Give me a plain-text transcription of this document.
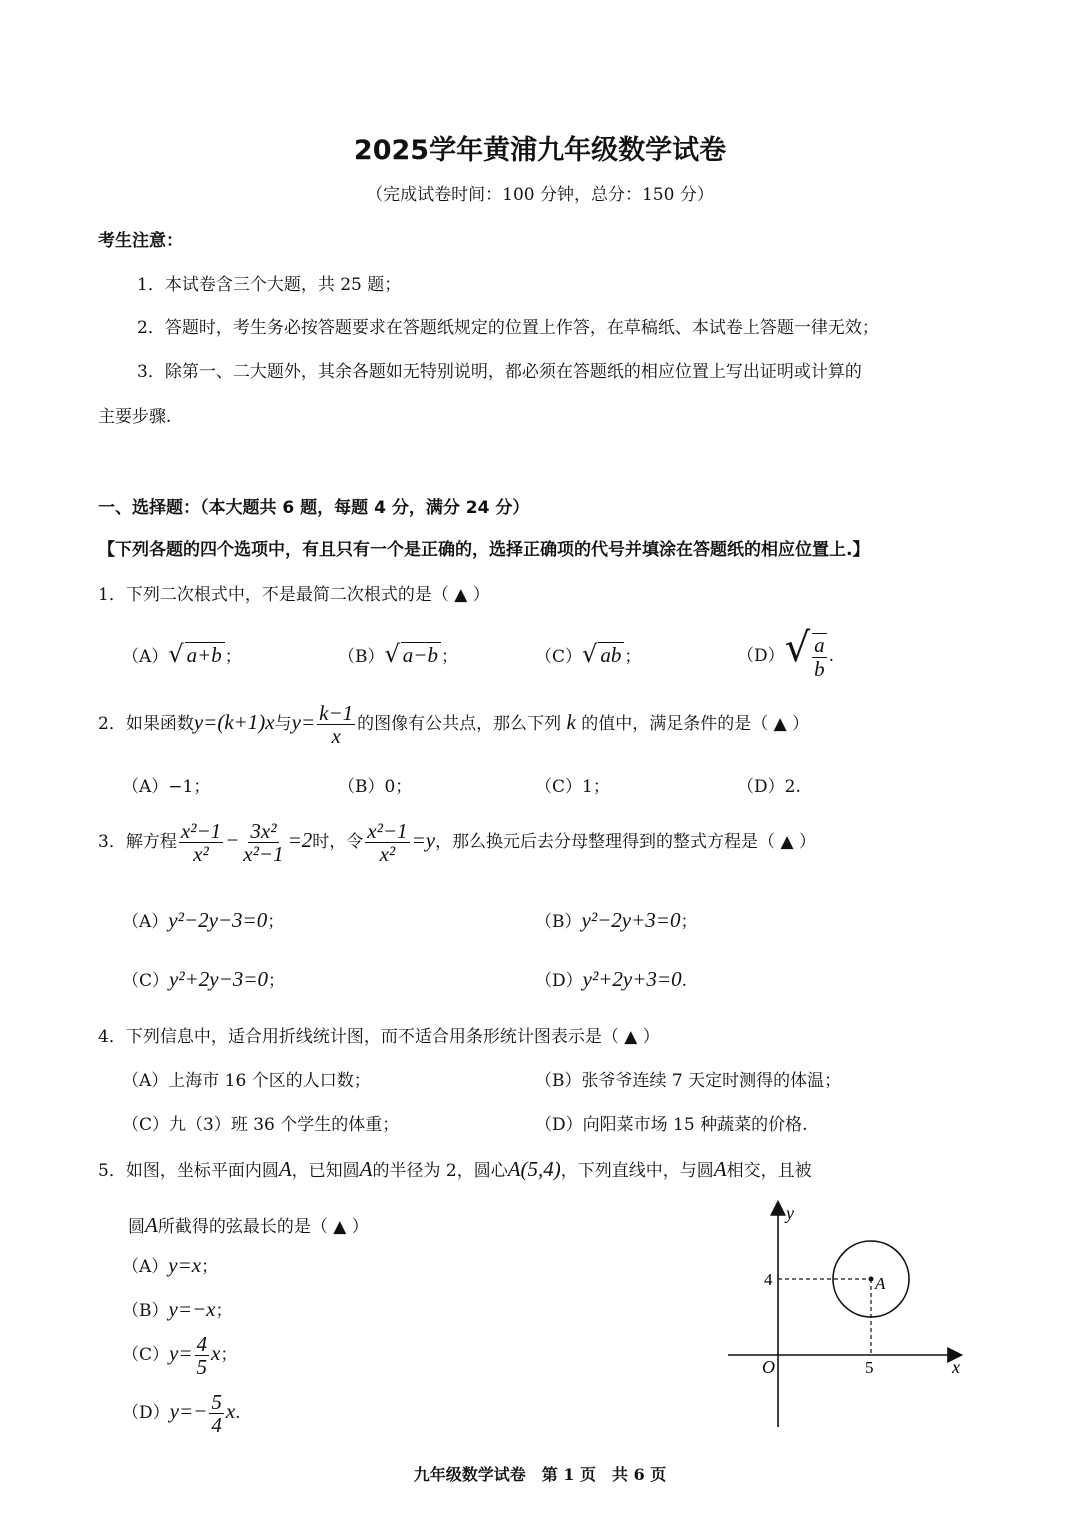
2025学年黄浦九年级数学试卷
（完成试卷时间：100 分钟，总分：150 分）
考生注意：
1．本试卷含三个大题，共 25 题；
2．答题时，考生务必按答题要求在答题纸规定的位置上作答，在草稿纸、本试卷上答题一律无效；
3．除第一、二大题外，其余各题如无特别说明，都必须在答题纸的相应位置上写出证明或计算的
主要步骤.
一、选择题：（本大题共 6 题，每题 4 分，满分 24 分）
【下列各题的四个选项中，有且只有一个是正确的，选择正确项的代号并填涂在答题纸的相应位置上.】
1．下列二次根式中，不是最简二次根式的是（ ▲ ）
（A）√ a+b ；	（B）√ a−b ；	（C）√ ab ；	$(D)√ \frac{a}{b}$ .
2．如果函数y=(k+1)x与$y= \frac{k-1}{x}$ 的图像有公共点，那么下列 k 的值中，满足条件的是（ ▲ ）
（A）−1；	（B）0；	（C）1；	（D）2.
3．解方程 $\frac{\text{x²−1}}{\text{x²}} - \frac{\text{3x²}}{\text{x²−1}} =2$时，令 $\frac{\text{x²−1}}{\text{x²}} =y$，那么换元后去分母整理得到的整式方程是（ ▲ ）
（A）y²−2y−3=0；	（B）y²−2y+3=0；
（C）y²+2y−3=0；	（D）y²+2y+3=0.
4．下列信息中，适合用折线统计图，而不适合用条形统计图表示是（ ▲ ）
（A）上海市 16 个区的人口数；	（B）张爷爷连续 7 天定时测得的体温；
（C）九（3）班 36 个学生的体重；	（D）向阳菜市场 15 种蔬菜的价格.
5．如图，坐标平面内圆A，已知圆A的半径为 2，圆心A(5,4)，下列直线中，与圆A相交，且被
圆A所截得的弦最长的是（ ▲ ）
（A）y=x；
（B）y=−x；
$(C)y= \frac{4}{5}$ x；
$(D)y=- \frac{5}{4} x$.
y
x
O
4
5
A
九年级数学试卷　第 1 页　共 6 页
